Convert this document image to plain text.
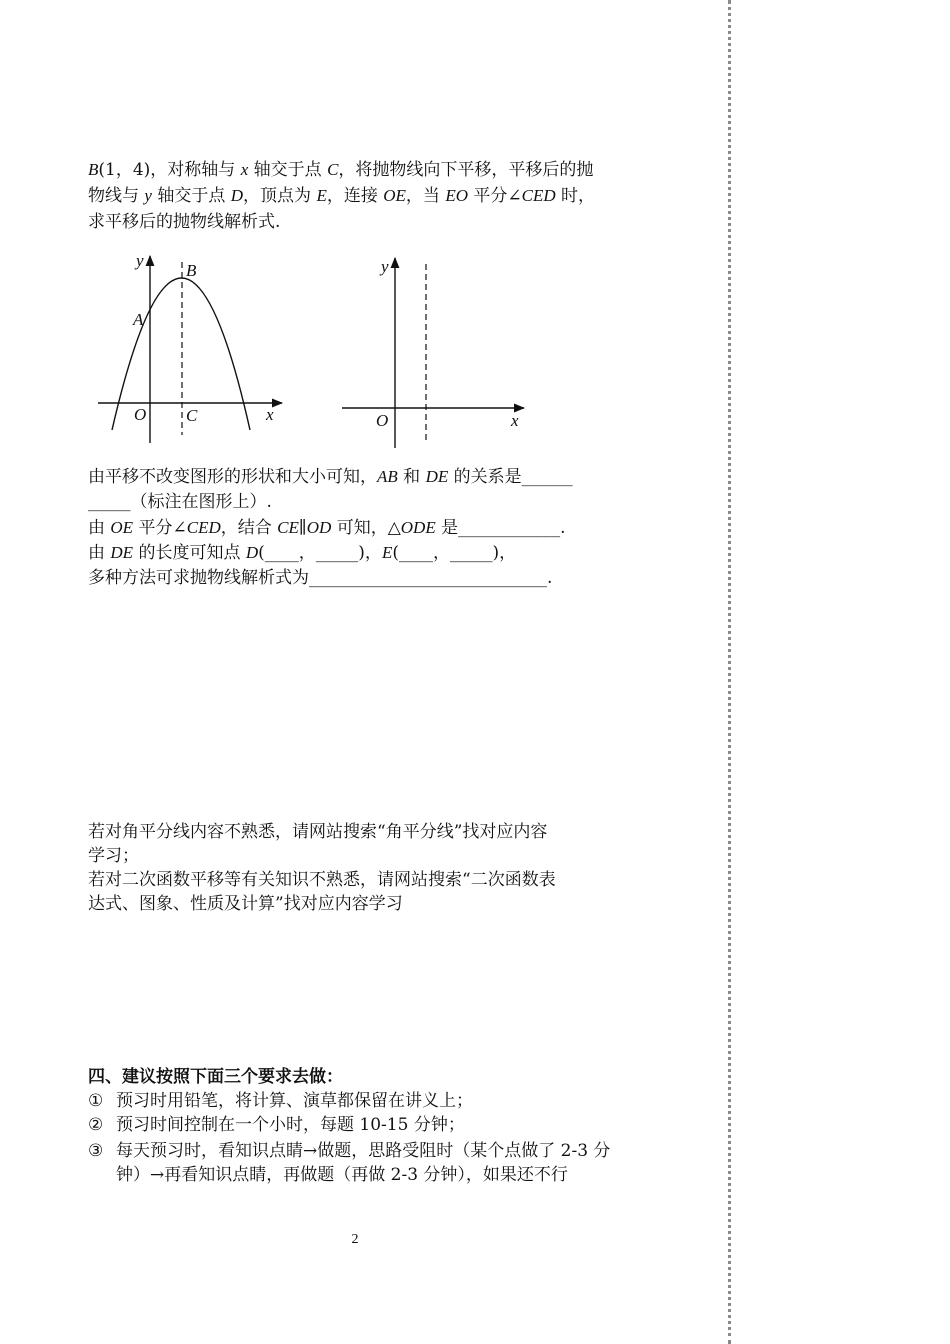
B(1，4)，对称轴与 x 轴交于点 C，将抛物线向下平移，平移后的抛
物线与 y 轴交于点 D，顶点为 E，连接 OE，当 EO 平分∠CED 时，
求平移后的抛物线解析式.
y
x
O
A
B
C
y
x
O
由平移不改变图形的形状和大小可知，AB 和 DE 的关系是______
_____（标注在图形上）.
由 OE 平分∠CED，结合 CE∥OD 可知，△ODE 是____________.
由 DE 的长度可知点 D(____，_____)，E(____，_____)，
多种方法可求抛物线解析式为____________________________.
若对角平分线内容不熟悉，请网站搜索“角平分线”找对应内容
学习；
若对二次函数平移等有关知识不熟悉，请网站搜索“二次函数表
达式、图象、性质及计算”找对应内容学习
四、建议按照下面三个要求去做：
① 预习时用铅笔，将计算、演草都保留在讲义上；
② 预习时间控制在一个小时，每题 10-15 分钟；
③ 每天预习时，看知识点睛→做题，思路受阻时（某个点做了 2-3 分钟）→再看知识点睛，再做题（再做 2-3 分钟），如果还不行
2
